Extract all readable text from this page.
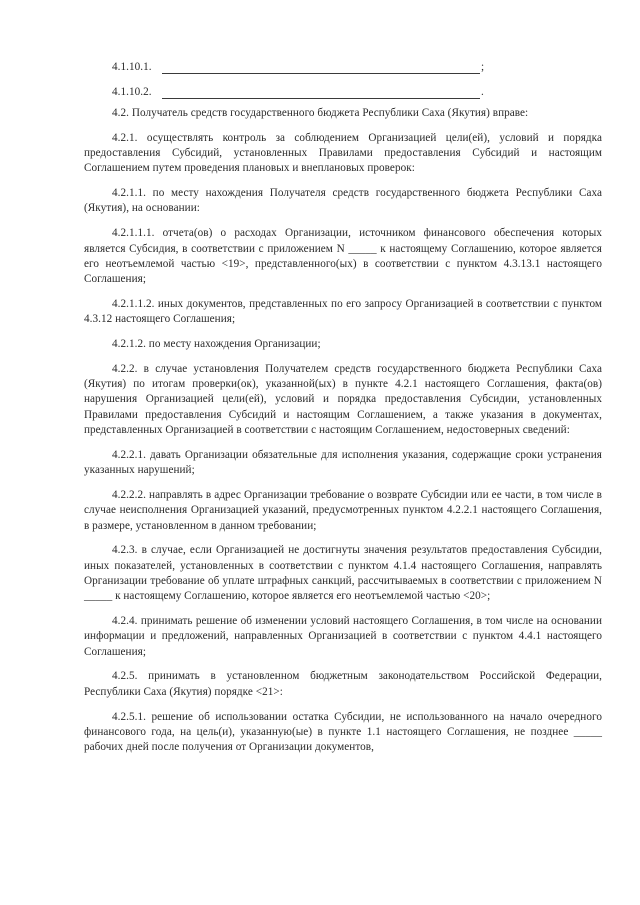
4.1.10.1.	;
4.1.10.2.	.

4.2. Получатель средств государственного бюджета Республики Саха (Якутия) вправе:

4.2.1. осуществлять контроль за соблюдением Организацией цели(ей), условий и порядка предоставления Субсидий, установленных Правилами предоставления Субсидий и настоящим Соглашением путем проведения плановых и внеплановых проверок:

4.2.1.1. по месту нахождения Получателя средств государственного бюджета Республики Саха (Якутия), на основании:

4.2.1.1.1. отчета(ов) о расходах Организации, источником финансового обеспечения которых является Субсидия, в соответствии с приложением N _____ к настоящему Соглашению, которое является его неотъемлемой частью <19>, представленного(ых) в соответствии с пунктом 4.3.13.1 настоящего Соглашения;

4.2.1.1.2. иных документов, представленных по его запросу Организацией в соответствии с пунктом 4.3.12 настоящего Соглашения;

4.2.1.2. по месту нахождения Организации;

4.2.2. в случае установления Получателем средств государственного бюджета Республики Саха (Якутия) по итогам проверки(ок), указанной(ых) в пункте 4.2.1 настоящего Соглашения, факта(ов) нарушения Организацией цели(ей), условий и порядка предоставления Субсидии, установленных Правилами предоставления Субсидий и настоящим Соглашением, а также указания в документах, представленных Организацией в соответствии с настоящим Соглашением, недостоверных сведений:

4.2.2.1. давать Организации обязательные для исполнения указания, содержащие сроки устранения указанных нарушений;

4.2.2.2. направлять в адрес Организации требование о возврате Субсидии или ее части, в том числе в случае неисполнения Организацией указаний, предусмотренных пунктом 4.2.2.1 настоящего Соглашения, в размере, установленном в данном требовании;

4.2.3. в случае, если Организацией не достигнуты значения результатов предоставления Субсидии, иных показателей, установленных в соответствии с пунктом 4.1.4 настоящего Соглашения, направлять Организации требование об уплате штрафных санкций, рассчитываемых в соответствии с приложением N _____ к настоящему Соглашению, которое является его неотъемлемой частью <20>;

4.2.4. принимать решение об изменении условий настоящего Соглашения, в том числе на основании информации и предложений, направленных Организацией в соответствии с пунктом 4.4.1 настоящего Соглашения;

4.2.5. принимать в установленном бюджетным законодательством Российской Федерации, Республики Саха (Якутия) порядке <21>:

4.2.5.1. решение об использовании остатка Субсидии, не использованного на начало очередного финансового года, на цель(и), указанную(ые) в пункте 1.1 настоящего Соглашения, не позднее _____ рабочих дней после получения от Организации документов,
